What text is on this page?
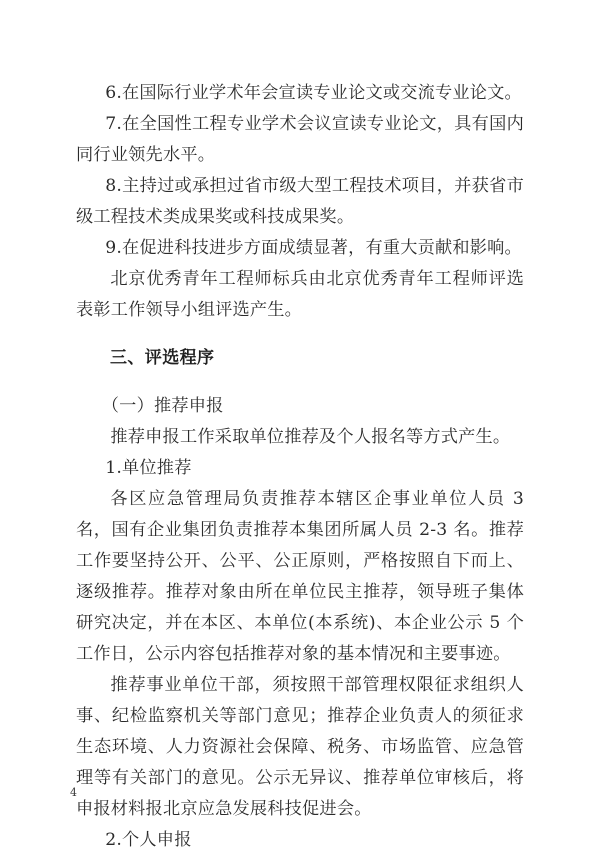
6.在国际行业学术年会宣读专业论文或交流专业论文。

7.在全国性工程专业学术会议宣读专业论文，具有国内同行业领先水平。

8.主持过或承担过省市级大型工程技术项目，并获省市级工程技术类成果奖或科技成果奖。

9.在促进科技进步方面成绩显著，有重大贡献和影响。

北京优秀青年工程师标兵由北京优秀青年工程师评选表彰工作领导小组评选产生。

三、评选程序

（一）推荐申报

推荐申报工作采取单位推荐及个人报名等方式产生。

1.单位推荐

各区应急管理局负责推荐本辖区企事业单位人员 3 名，国有企业集团负责推荐本集团所属人员 2-3 名。推荐工作要坚持公开、公平、公正原则，严格按照自下而上、逐级推荐。推荐对象由所在单位民主推荐，领导班子集体研究决定，并在本区、本单位(本系统)、本企业公示 5 个工作日，公示内容包括推荐对象的基本情况和主要事迹。

推荐事业单位干部，须按照干部管理权限征求组织人事、纪检监察机关等部门意见；推荐企业负责人的须征求生态环境、人力资源社会保障、税务、市场监管、应急管理等有关部门的意见。公示无异议、推荐单位审核后，将申报材料报北京应急发展科技促进会。

2.个人申报

4
